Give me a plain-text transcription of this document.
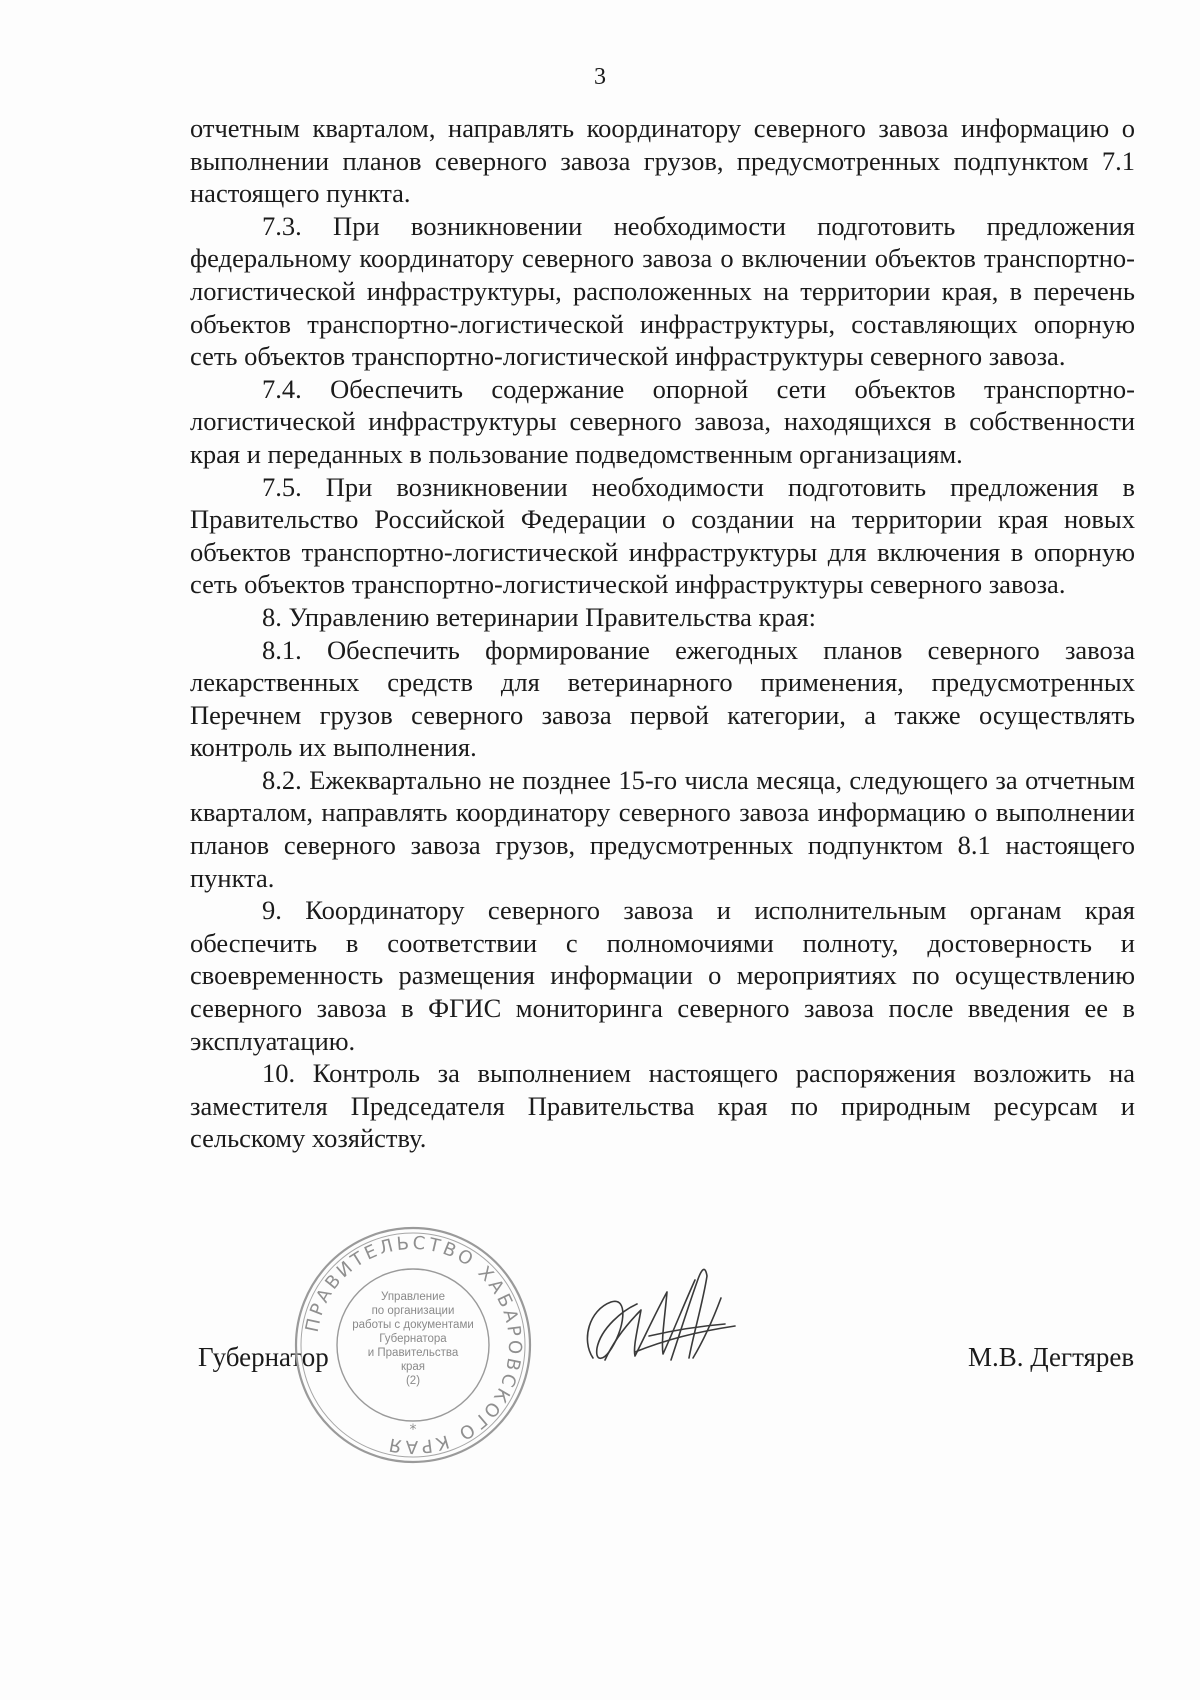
3

отчетным кварталом, направлять координатору северного завоза информацию о выполнении планов северного завоза грузов, предусмотренных подпунктом 7.1 настоящего пункта.

7.3. При возникновении необходимости подготовить предложения федеральному координатору северного завоза о включении объектов транспортно-логистической инфраструктуры, расположенных на территории края, в перечень объектов транспортно-логистической инфраструктуры, составляющих опорную сеть объектов транспортно-логистической инфраструктуры северного завоза.

7.4. Обеспечить содержание опорной сети объектов транспортно-логистической инфраструктуры северного завоза, находящихся в собственности края и переданных в пользование подведомственным организациям.

7.5. При возникновении необходимости подготовить предложения в Правительство Российской Федерации о создании на территории края новых объектов транспортно-логистической инфраструктуры для включения в опорную сеть объектов транспортно-логистической инфраструктуры северного завоза.

8. Управлению ветеринарии Правительства края:

8.1. Обеспечить формирование ежегодных планов северного завоза лекарственных средств для ветеринарного применения, предусмотренных Перечнем грузов северного завоза первой категории, а также осуществлять контроль их выполнения.

8.2. Ежеквартально не позднее 15-го числа месяца, следующего за отчетным кварталом, направлять координатору северного завоза информацию о выполнении планов северного завоза грузов, предусмотренных подпунктом 8.1 настоящего пункта.

9. Координатору северного завоза и исполнительным органам края обеспечить в соответствии с полномочиями полноту, достоверность и своевременность размещения информации о мероприятиях по осуществлению северного завоза в ФГИС мониторинга северного завоза после введения ее в эксплуатацию.

10. Контроль за выполнением настоящего распоряжения возложить на заместителя Председателя Правительства края по природным ресурсам и сельскому хозяйству.

Губернатор	М.В. Дегтярев
ПРАВИТЕЛЬСТВО ХАБАРОВСКОГО КРАЯ
*
Управление
по организации
работы с документами
Губернатора
и Правительства
края
(2)
